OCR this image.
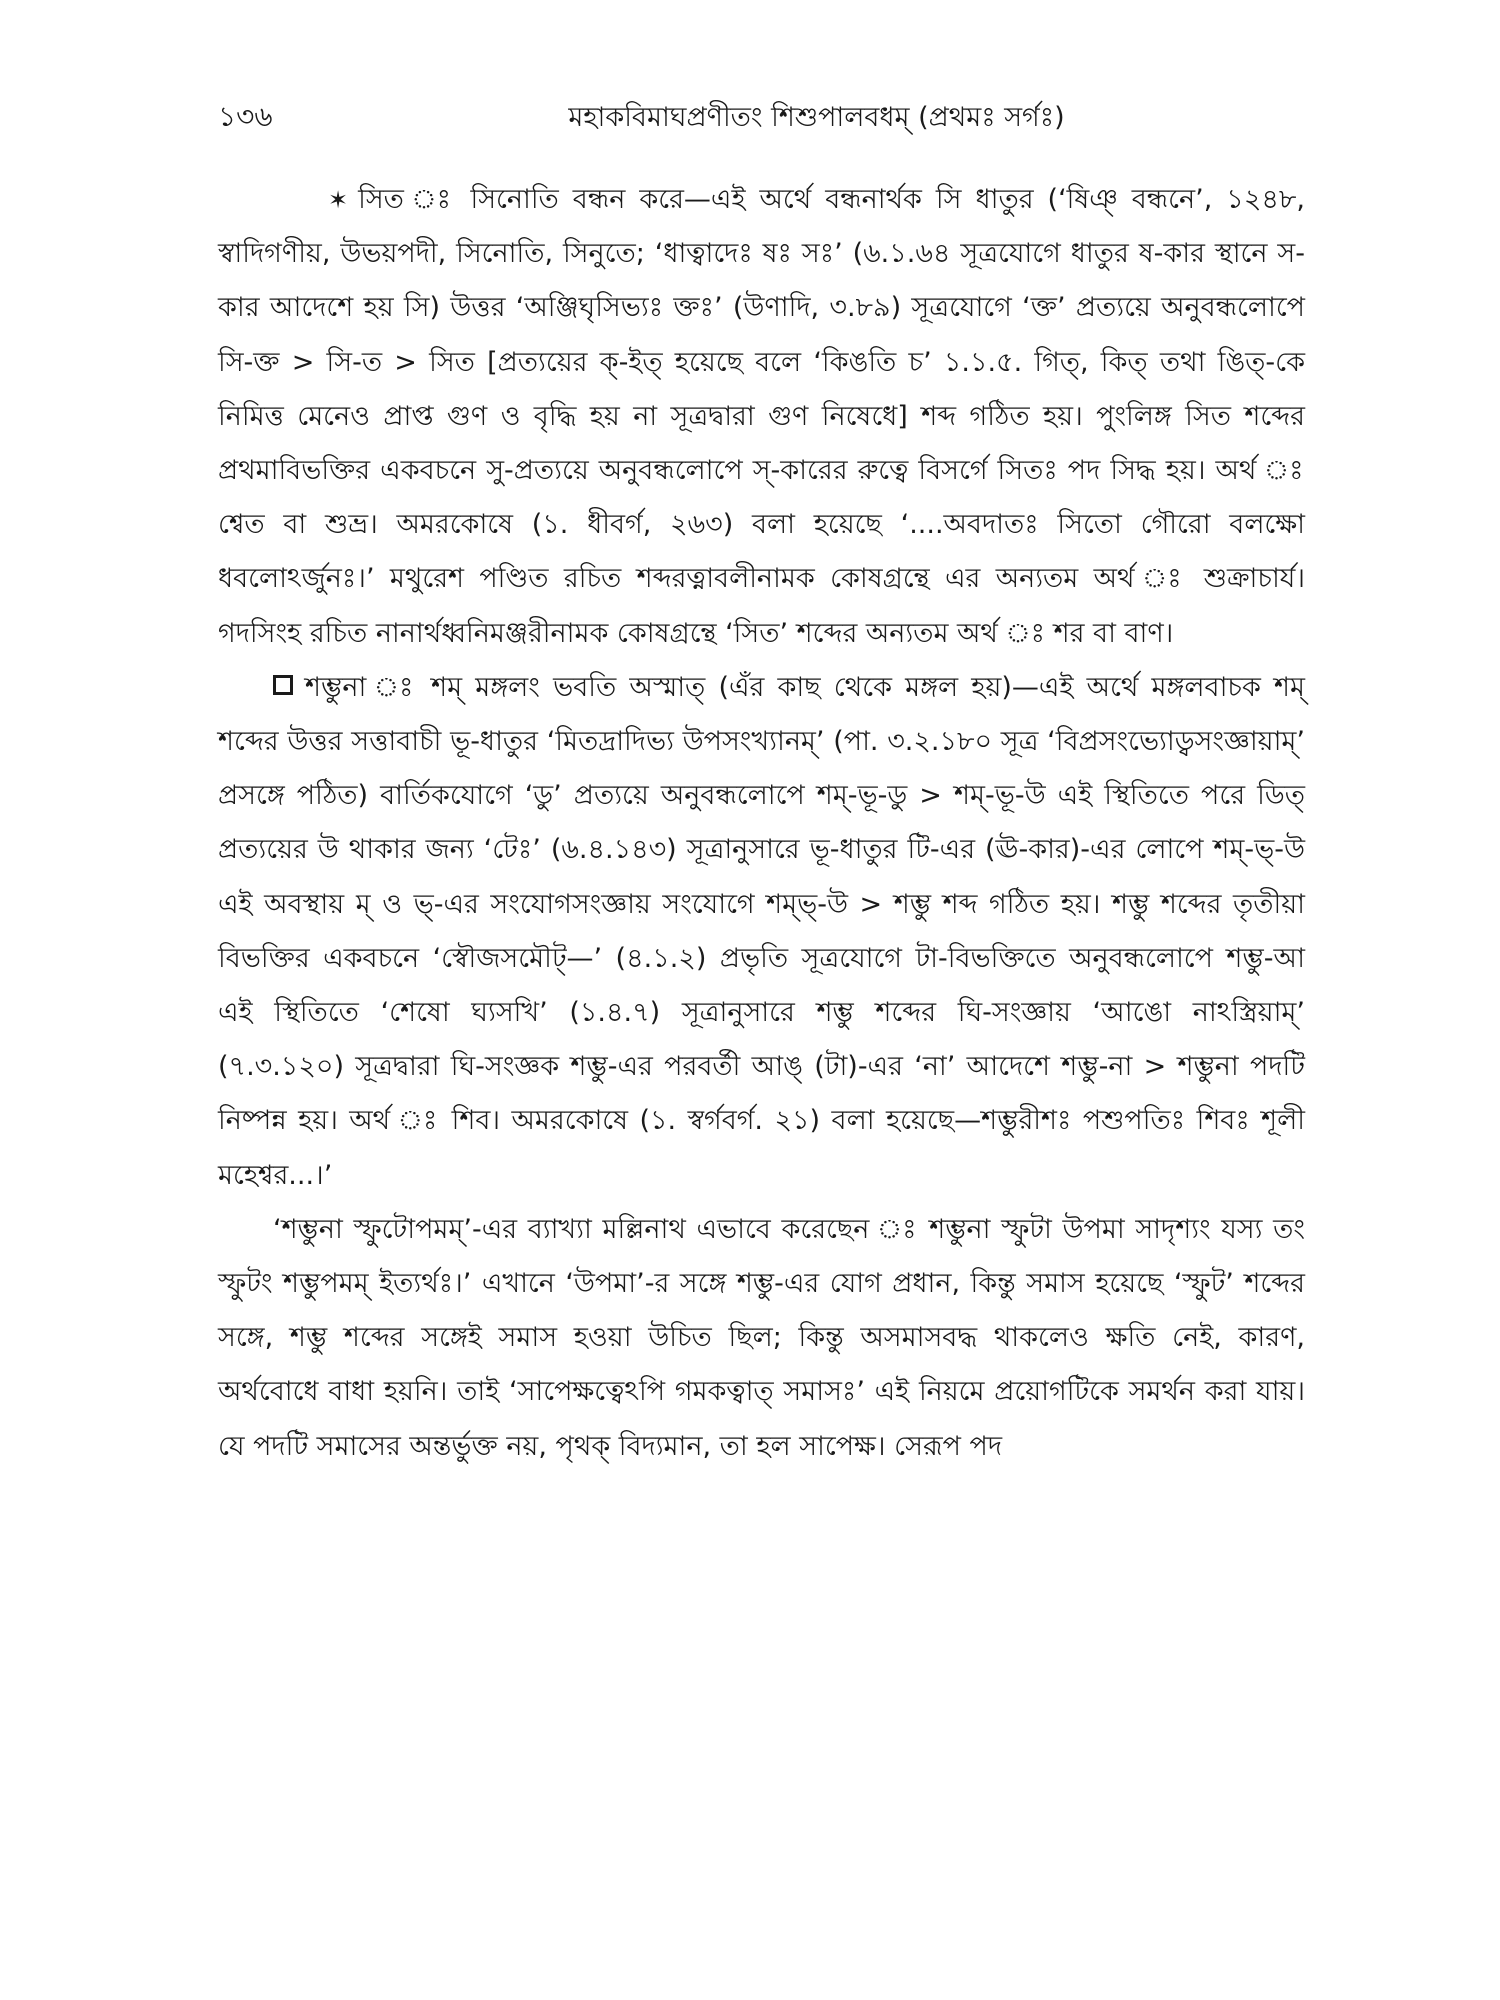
১৩৬	মহাকবিমাঘপ্রণীতং শিশুপালবধম্ (প্রথমঃ সর্গঃ)

✶ সিত ঃ সিনোতি বন্ধন করে—এই অর্থে বন্ধনার্থক সি ধাতুর (‘ষিঞ্ বন্ধনে’, ১২৪৮, স্বাদিগণীয়, উভয়পদী, সিনোতি, সিনুতে; ‘ধাত্বাদেঃ ষঃ সঃ’ (৬.১.৬৪ সূত্রযোগে ধাতুর ষ-কার স্থানে স-কার আদেশে হয় সি) উত্তর ‘অঞ্জিঘৃসিভ্যঃ ক্তঃ’ (উণাদি, ৩.৮৯) সূত্রযোগে ‘ক্ত’ প্রত্যয়ে অনুবন্ধলোপে সি-ক্ত > সি-ত > সিত [প্রত্যয়ের ক্-ইত্ হয়েছে বলে ‘কিঙতি চ’ ১.১.৫. গিত্, কিত্ তথা ঙিত্-কে নিমিত্ত মেনেও প্রাপ্ত গুণ ও বৃদ্ধি হয় না সূত্রদ্বারা গুণ নিষেধে] শব্দ গঠিত হয়। পুংলিঙ্গ সিত শব্দের প্রথমাবিভক্তির একবচনে সু-প্রত্যয়ে অনুবন্ধলোপে স্-কারের রুত্বে বিসর্গে সিতঃ পদ সিদ্ধ হয়। অর্থ ঃ শ্বেত বা শুভ্র। অমরকোষে (১. ধীবর্গ, ২৬৩) বলা হয়েছে ‘....অবদাতঃ সিতো গৌরো বলক্ষো ধবলোঽর্জুনঃ।’ মথুরেশ পণ্ডিত রচিত শব্দরত্নাবলীনামক কোষগ্রন্থে এর অন্যতম অর্থ ঃ শুক্রাচার্য। গদসিংহ রচিত নানার্থধ্বনিমঞ্জরীনামক কোষগ্রন্থে ‘সিত’ শব্দের অন্যতম অর্থ ঃ শর বা বাণ।

শম্ভুনা ঃ শম্ মঙ্গলং ভবতি অস্মাত্ (এঁর কাছ থেকে মঙ্গল হয়)—এই অর্থে মঙ্গলবাচক শম্ শব্দের উত্তর সত্তাবাচী ভূ-ধাতুর ‘মিতদ্রাদিভ্য উপসংখ্যানম্’ (পা. ৩.২.১৮০ সূত্র ‘বিপ্রসংভ্যোড্বসংজ্ঞায়াম্’ প্রসঙ্গে পঠিত) বার্তিকযোগে ‘ডু’ প্রত্যয়ে অনুবন্ধলোপে শম্-ভূ-ডু > শম্-ভূ-উ এই স্থিতিতে পরে ডিত্ প্রত্যয়ের উ থাকার জন্য ‘টেঃ’ (৬.৪.১৪৩) সূত্রানুসারে ভূ-ধাতুর টি-এর (ঊ-কার)-এর লোপে শম্-ভ্-উ এই অবস্থায় ম্ ও ভ্-এর সংযোগসংজ্ঞায় সংযোগে শম্ভ্-উ > শম্ভু শব্দ গঠিত হয়। শম্ভু শব্দের তৃতীয়া বিভক্তির একবচনে ‘স্বৌজসমৌট্—’ (৪.১.২) প্রভৃতি সূত্রযোগে টা-বিভক্তিতে অনুবন্ধলোপে শম্ভু-আ এই স্থিতিতে ‘শেষো ঘ্যসখি’ (১.৪.৭) সূত্রানুসারে শম্ভু শব্দের ঘি-সংজ্ঞায় ‘আঙো নাঽস্ত্রিয়াম্’ (৭.৩.১২০) সূত্রদ্বারা ঘি-সংজ্ঞক শম্ভু-এর পরবর্তী আঙ্ (টা)-এর ‘না’ আদেশে শম্ভু-না > শম্ভুনা পদটি নিষ্পন্ন হয়। অর্থ ঃ শিব। অমরকোষে (১. স্বর্গবর্গ. ২১) বলা হয়েছে—শম্ভুরীশঃ পশুপতিঃ শিবঃ শূলী মহেশ্বর...।’

‘শম্ভুনা স্ফুটোপমম্’-এর ব্যাখ্যা মল্লিনাথ এভাবে করেছেন ঃ শম্ভুনা স্ফুটা উপমা সাদৃশ্যং যস্য তং স্ফুটং শম্ভুপমম্ ইত্যর্থঃ।’ এখানে ‘উপমা’-র সঙ্গে শম্ভু-এর যোগ প্রধান, কিন্তু সমাস হয়েছে ‘স্ফুট’ শব্দের সঙ্গে, শম্ভু শব্দের সঙ্গেই সমাস হওয়া উচিত ছিল; কিন্তু অসমাসবদ্ধ থাকলেও ক্ষতি নেই, কারণ, অর্থবোধে বাধা হয়নি। তাই ‘সাপেক্ষত্বেঽপি গমকত্বাত্ সমাসঃ’ এই নিয়মে প্রয়োগটিকে সমর্থন করা যায়। যে পদটি সমাসের অন্তর্ভুক্ত নয়, পৃথক্ বিদ্যমান, তা হল সাপেক্ষ। সেরূপ পদ
